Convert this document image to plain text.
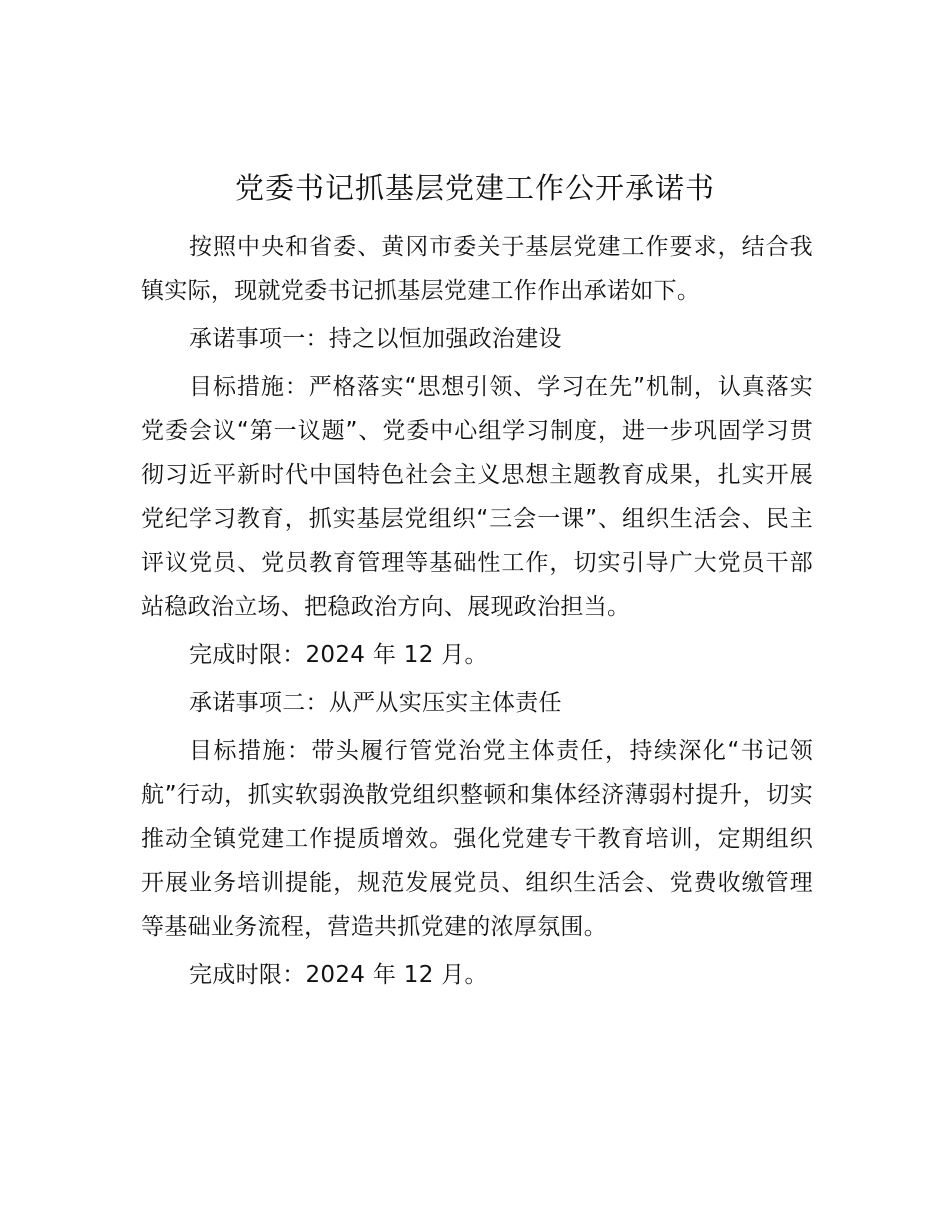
党委书记抓基层党建工作公开承诺书

按照中央和省委、黄冈市委关于基层党建工作要求，结合我镇实际，现就党委书记抓基层党建工作作出承诺如下。

承诺事项一：持之以恒加强政治建设

目标措施：严格落实“思想引领、学习在先”机制，认真落实党委会议“第一议题”、党委中心组学习制度，进一步巩固学习贯彻习近平新时代中国特色社会主义思想主题教育成果，扎实开展党纪学习教育，抓实基层党组织“三会一课”、组织生活会、民主评议党员、党员教育管理等基础性工作，切实引导广大党员干部站稳政治立场、把稳政治方向、展现政治担当。

完成时限：2024 年 12 月。

承诺事项二：从严从实压实主体责任

目标措施：带头履行管党治党主体责任，持续深化“书记领航”行动，抓实软弱涣散党组织整顿和集体经济薄弱村提升，切实推动全镇党建工作提质增效。强化党建专干教育培训，定期组织开展业务培训提能，规范发展党员、组织生活会、党费收缴管理等基础业务流程，营造共抓党建的浓厚氛围。

完成时限：2024 年 12 月。
